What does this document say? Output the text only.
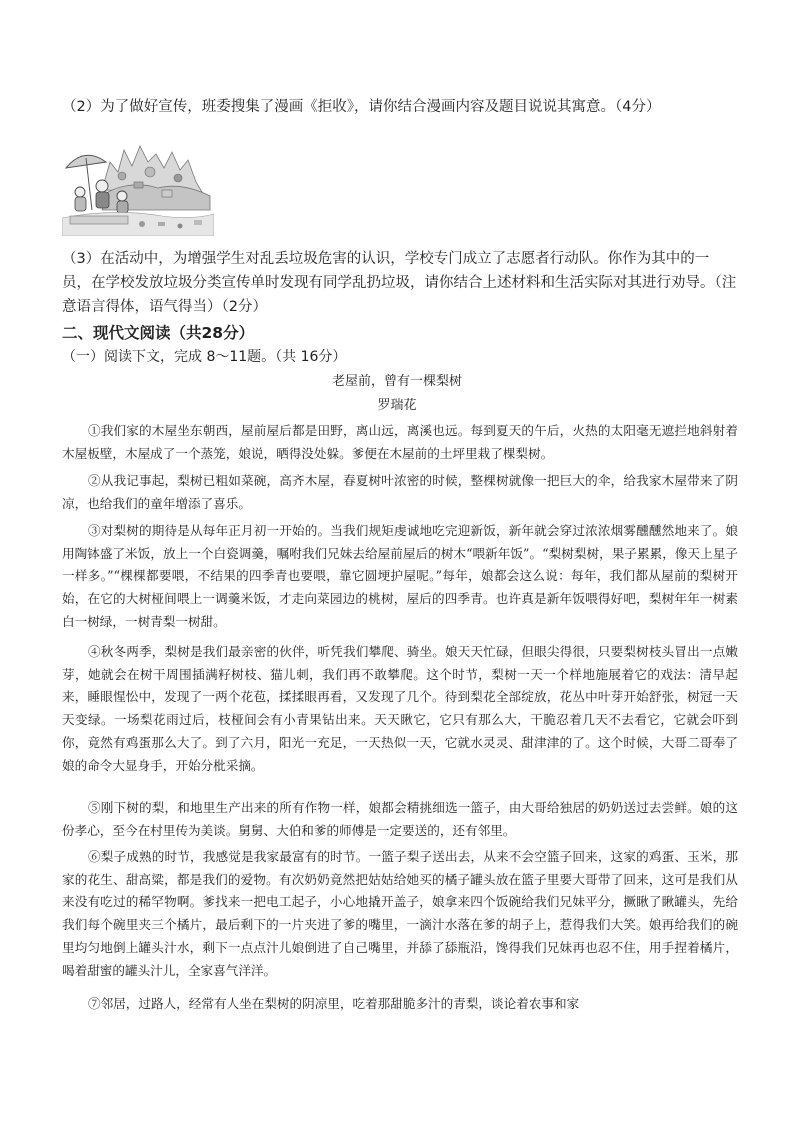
（2）为了做好宣传，班委搜集了漫画《拒收》，请你结合漫画内容及题目说说其寓意。（4分）
（3）在活动中，为增强学生对乱丢垃圾危害的认识，学校专门成立了志愿者行动队。你作为其中的一员，在学校发放垃圾分类宣传单时发现有同学乱扔垃圾，请你结合上述材料和生活实际对其进行劝导。（注意语言得体，语气得当）（2分）
二、现代文阅读（共28分）
（一）阅读下文，完成 8～11题。（共 16分）
老屋前，曾有一棵梨树
罗瑞花
①我们家的木屋坐东朝西，屋前屋后都是田野，离山远，离溪也远。每到夏天的午后，火热的太阳毫无遮拦地斜射着木屋板壁，木屋成了一个蒸笼，娘说，晒得没处躲。爹便在木屋前的土坪里栽了棵梨树。
②从我记事起，梨树已粗如菜碗，高齐木屋，春夏树叶浓密的时候，整棵树就像一把巨大的伞，给我家木屋带来了阴凉，也给我们的童年增添了喜乐。
③对梨树的期待是从每年正月初一开始的。当我们规矩虔诚地吃完迎新饭，新年就会穿过浓浓烟雾醺醺然地来了。娘用陶钵盛了米饭，放上一个白瓷调羹，嘱咐我们兄妹去给屋前屋后的树木“喂新年饭”。“梨树梨树，果子累累，像天上星子一样多。”“棵棵都要喂，不结果的四季青也要喂，靠它圆埂护屋呢。”每年，娘都会这么说：每年，我们都从屋前的梨树开始，在它的大树桠间喂上一调羹米饭，才走向菜园边的桃树，屋后的四季青。也许真是新年饭喂得好吧，梨树年年一树素白一树绿，一树青梨一树甜。
④秋冬两季，梨树是我们最亲密的伙伴，听凭我们攀爬、骑坐。娘天天忙碌，但眼尖得很，只要梨树枝头冒出一点嫩芽，她就会在树干周围插满籽树枝、猫儿刺，我们再不敢攀爬。这个时节，梨树一天一个样地施展着它的戏法：清早起来，睡眼惺忪中，发现了一两个花苞，揉揉眼再看，又发现了几个。待到梨花全部绽放，花丛中叶芽开始舒张，树冠一天天变绿。一场梨花雨过后，枝桠间会有小青果钻出来。天天瞅它，它只有那么大，干脆忍着几天不去看它，它就会吓到你，竟然有鸡蛋那么大了。到了六月，阳光一充足，一天热似一天，它就水灵灵、甜津津的了。这个时候，大哥二哥奉了娘的命令大显身手，开始分枇采摘。
⑤刚下树的梨，和地里生产出来的所有作物一样，娘都会精挑细选一篮子，由大哥给独居的奶奶送过去尝鲜。娘的这份孝心，至今在村里传为美谈。舅舅、大伯和爹的师傅是一定要送的，还有邻里。
⑥梨子成熟的时节，我感觉是我家最富有的时节。一篮子梨子送出去，从来不会空篮子回来，这家的鸡蛋、玉米，那家的花生、甜高粱，都是我们的爱物。有次奶奶竟然把姑姑给她买的橘子罐头放在篮子里要大哥带了回来，这可是我们从来没有吃过的稀罕物啊。爹找来一把电工起子，小心地撬开盖子，娘拿来四个饭碗给我们兄妹平分，撅瞅了瞅罐头，先给我们每个碗里夹三个橘片，最后剩下的一片夹进了爹的嘴里，一滴汁水落在爹的胡子上，惹得我们大笑。娘再给我们的碗里均匀地倒上罐头汁水，剩下一点点汁儿娘倒进了自己嘴里，并舔了舔瓶沿，馋得我们兄妹再也忍不住，用手捏着橘片，喝着甜蜜的罐头汁儿，全家喜气洋洋。
⑦邻居，过路人，经常有人坐在梨树的阴凉里，吃着那甜脆多汁的青梨，谈论着农事和家
